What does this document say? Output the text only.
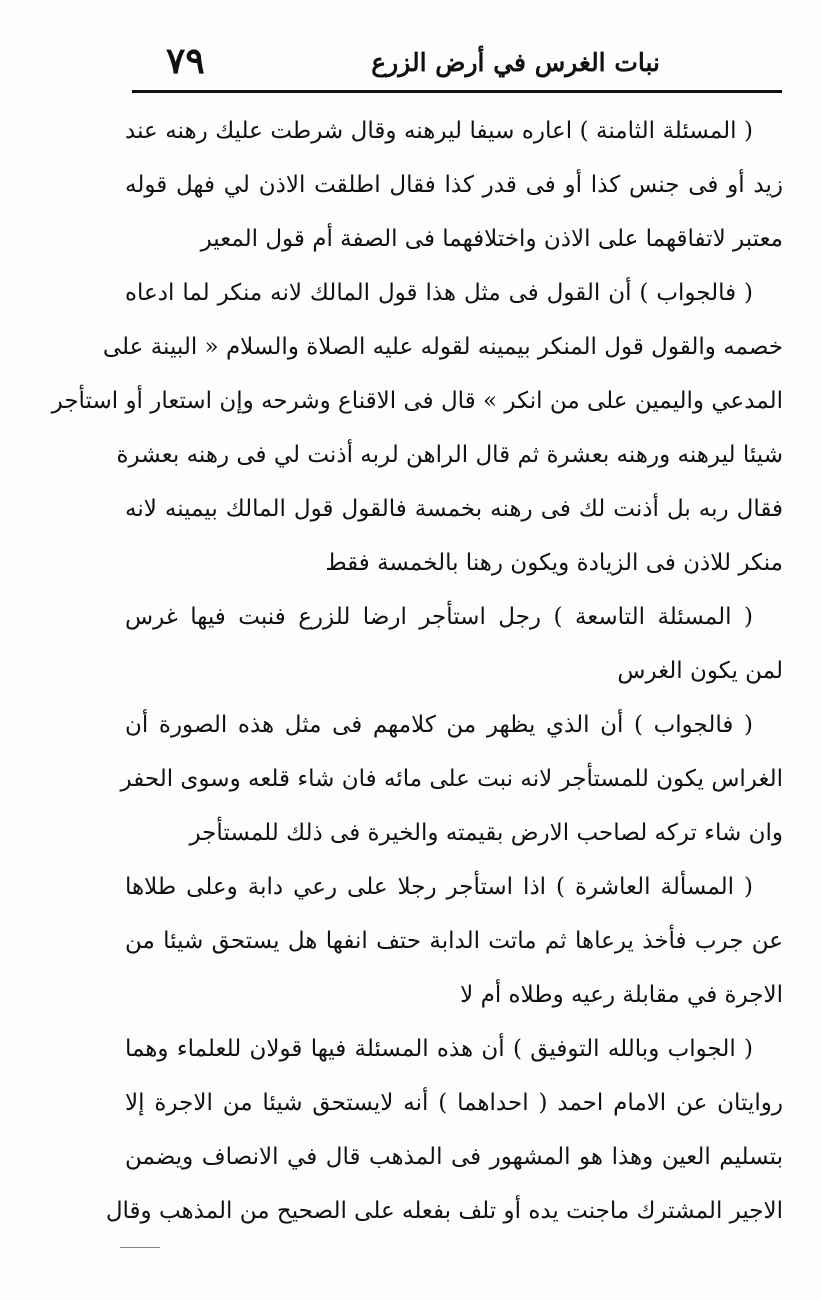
نبات الغرس في أرض الزرع
٧٩
( المسئلة الثامنة ) اعاره سيفا ليرهنه وقال شرطت عليك رهنه عند
زيد أو فى جنس كذا أو فى قدر كذا فقال اطلقت الاذن لي فهل قوله
معتبر لاتفاقهما على الاذن واختلافهما فى الصفة أم قول المعير
( فالجواب ) أن القول فى مثل هذا قول المالك لانه منكر لما ادعاه
خصمه والقول قول المنكر بيمينه لقوله عليه الصلاة والسلام « البينة على
المدعي واليمين على من انكر » قال فى الاقناع وشرحه وإن استعار أو استأجر
شيئا ليرهنه ورهنه بعشرة ثم قال الراهن لربه أذنت لي فى رهنه بعشرة
فقال ربه بل أذنت لك فى رهنه بخمسة فالقول قول المالك بيمينه لانه
منكر للاذن فى الزيادة ويكون رهنا بالخمسة فقط
( المسئلة التاسعة ) رجل استأجر ارضا للزرع فنبت فيها غرس
لمن يكون الغرس
( فالجواب ) أن الذي يظهر من كلامهم فى مثل هذه الصورة أن
الغراس يكون للمستأجر لانه نبت على مائه فان شاء قلعه وسوى الحفر
وان شاء تركه لصاحب الارض بقيمته والخيرة فى ذلك للمستأجر
( المسألة العاشرة ) اذا استأجر رجلا على رعي دابة وعلى طلاها
عن جرب فأخذ يرعاها ثم ماتت الدابة حتف انفها هل يستحق شيئا من
الاجرة في مقابلة رعيه وطلاه أم لا
( الجواب وبالله التوفيق ) أن هذه المسئلة فيها قولان للعلماء وهما
روايتان عن الامام احمد ( احداهما ) أنه لايستحق شيئا من الاجرة إلا
بتسليم العين وهذا هو المشهور فى المذهب قال في الانصاف ويضمن
الاجير المشترك ماجنت يده أو تلف بفعله على الصحيح من المذهب وقال
